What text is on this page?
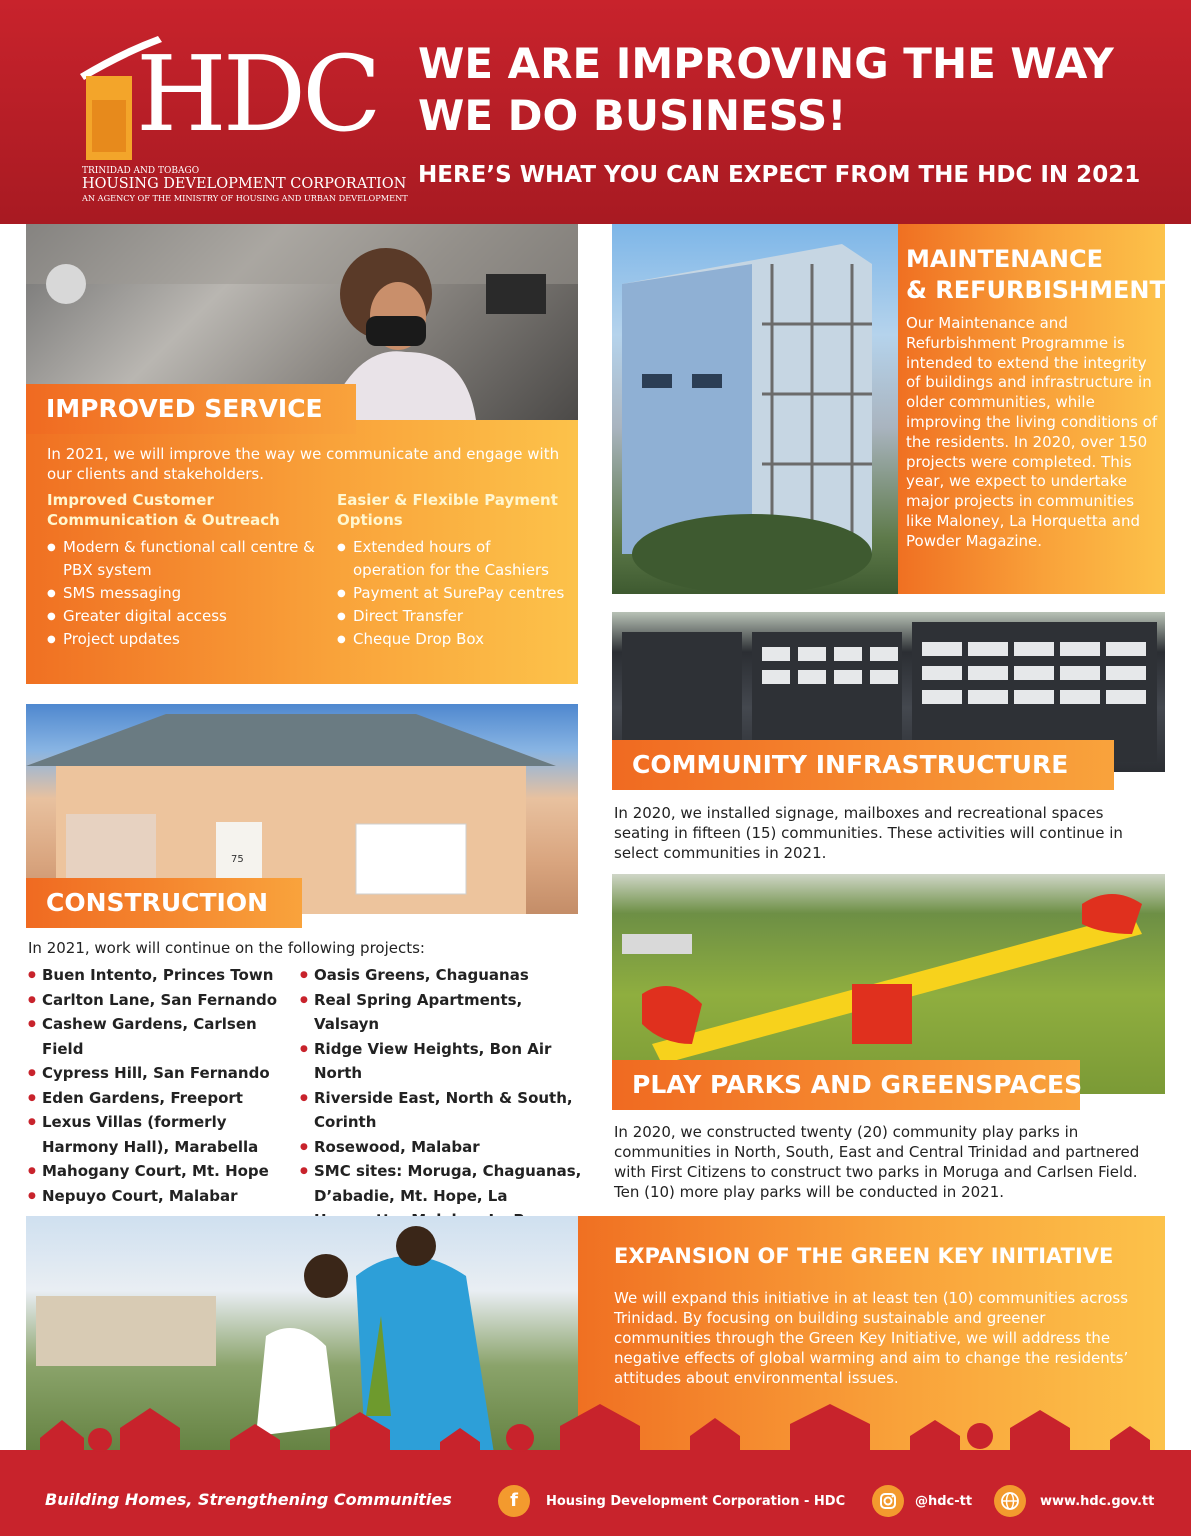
HDC
TRINIDAD AND TOBAGO
HOUSING DEVELOPMENT CORPORATION
AN AGENCY OF THE MINISTRY OF HOUSING AND URBAN DEVELOPMENT
WE ARE IMPROVING THE WAY
WE DO BUSINESS!
HERE’S WHAT YOU CAN EXPECT FROM THE HDC IN 2021
In 2021, we will improve the way we communicate and engage with our clients and stakeholders.
Improved Customer Communication & Outreach
● Modern & functional call centre & PBX system
● SMS messaging
● Greater digital access
● Project updates
Easier & Flexible Payment Options
● Extended hours of operation for the Cashiers
● Payment at SurePay centres
● Direct Transfer
● Cheque Drop Box
IMPROVED SERVICE
MAINTENANCE
& REFURBISHMENT
Our Maintenance and Refurbishment Programme is intended to extend the integrity of buildings and infrastructure in older communities, while improving the living conditions of the residents. In 2020, over 150 projects were completed. This year, we expect to undertake major projects in communities like Maloney, La Horquetta and Powder Magazine.
75
CONSTRUCTION
In 2021, work will continue on the following projects:
● Buen Intento, Princes Town
● Carlton Lane, San Fernando
● Cashew Gardens, Carlsen Field
● Cypress Hill, San Fernando
● Eden Gardens, Freeport
● Lexus Villas (formerly Harmony Hall), Marabella
● Mahogany Court, Mt. Hope
● Nepuyo Court, Malabar
● Oasis Greens, Chaguanas
● Real Spring Apartments, Valsayn
● Ridge View Heights, Bon Air North
● Riverside East, North & South, Corinth
● Rosewood, Malabar
● SMC sites: Moruga, Chaguanas, D’abadie, Mt. Hope, La
●
COMMUNITY INFRASTRUCTURE
In 2020, we installed signage, mailboxes and recreational spaces seating in fifteen (15) communities. These activities will continue in select communities in 2021.
PLAY PARKS AND GREENSPACES
In 2020, we constructed twenty (20) community play parks in communities in North, South, East and Central Trinidad and partnered with First Citizens to construct two parks in Moruga and Carlsen Field. Ten (10) more play parks will be conducted in 2021.
EXPANSION OF THE GREEN KEY INITIATIVE
We will expand this initiative in at least ten (10) communities across Trinidad. By focusing on building sustainable and greener communities through the Green Key Initiative, we will address the negative effects of global warming and aim to change the residents’ attitudes about environmental issues.
Building Homes, Strengthening Communities	f	Housing Development Corporation - HDC	@hdc-tt	www.hdc.gov.tt
